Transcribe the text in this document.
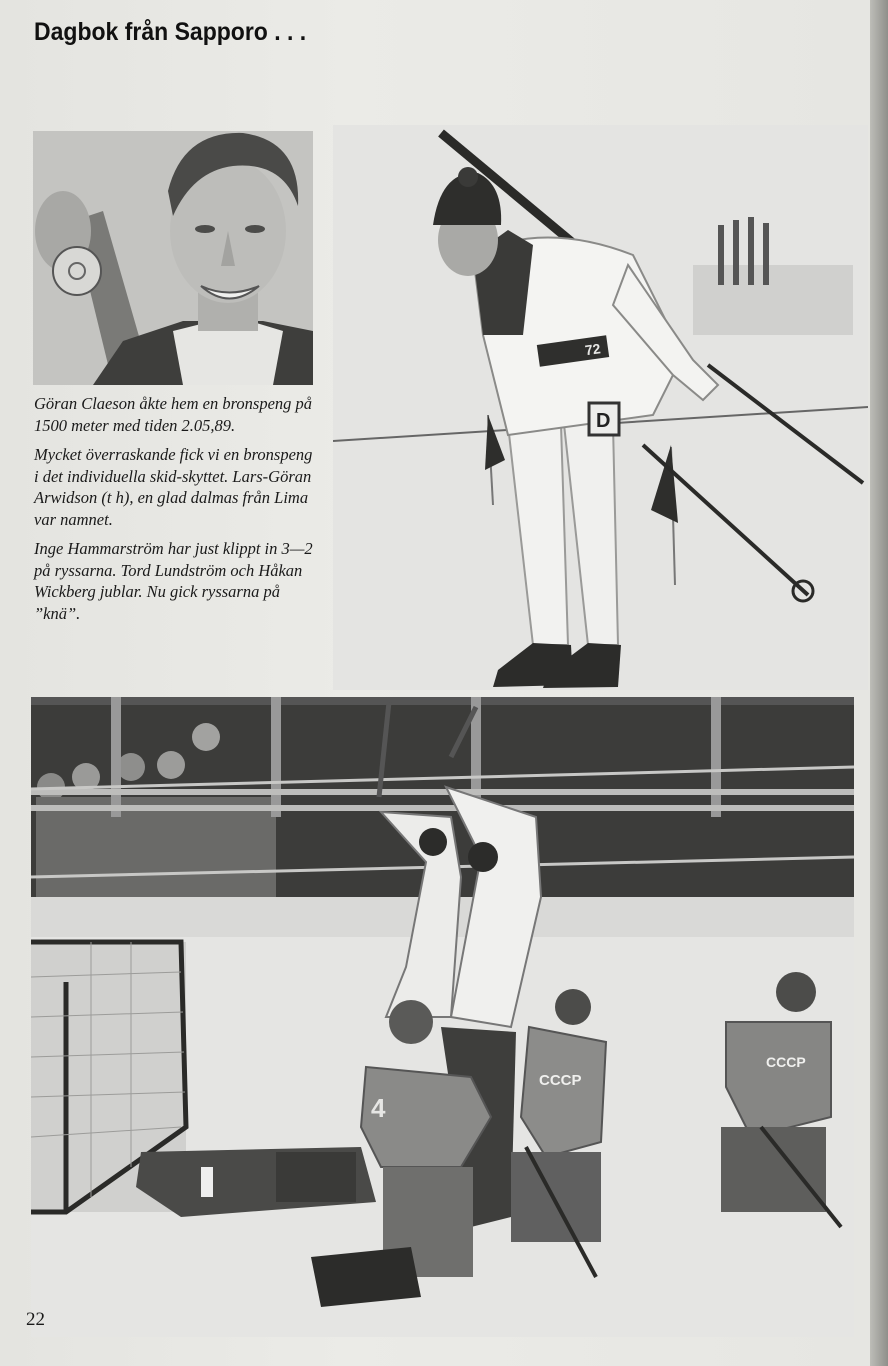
Dagbok från Sapporo . . .

Göran Claeson åkte hem en bronspeng på 1500 meter med tiden 2.05,89.

Mycket överraskande fick vi en bronspeng i det individuella skid-skyttet. Lars-Göran Arwidson (t h), en glad dalmas från Lima var namnet.

Inge Hammarström har just klippt in 3—2 på ryssarna. Tord Lundström och Håkan Wickberg jublar. Nu gick ryssarna på ”knä”.

72
D
4
CCCP
CCCP
22
